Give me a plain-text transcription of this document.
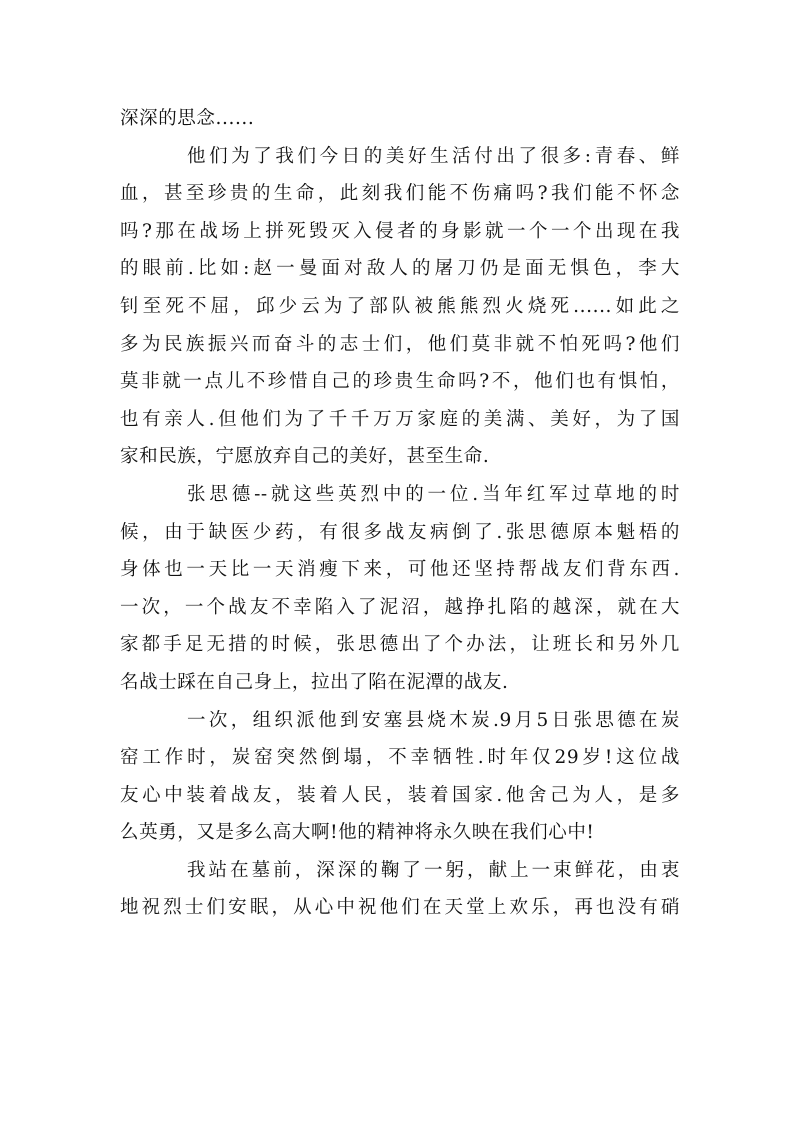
深深的思念......
他们为了我们今日的美好生活付出了很多:青春、鲜
血，甚至珍贵的生命，此刻我们能不伤痛吗?我们能不怀念
吗?那在战场上拼死毁灭入侵者的身影就一个一个出现在我
的眼前.比如:赵一曼面对敌人的屠刀仍是面无惧色，李大
钊至死不屈，邱少云为了部队被熊熊烈火烧死......如此之
多为民族振兴而奋斗的志士们，他们莫非就不怕死吗?他们
莫非就一点儿不珍惜自己的珍贵生命吗?不，他们也有惧怕，
也有亲人.但他们为了千千万万家庭的美满、美好，为了国
家和民族，宁愿放弃自己的美好，甚至生命.
张思德--就这些英烈中的一位.当年红军过草地的时
候，由于缺医少药，有很多战友病倒了.张思德原本魁梧的
身体也一天比一天消瘦下来，可他还坚持帮战友们背东西.
一次，一个战友不幸陷入了泥沼，越挣扎陷的越深，就在大
家都手足无措的时候，张思德出了个办法，让班长和另外几
名战士踩在自己身上，拉出了陷在泥潭的战友.
一次，组织派他到安塞县烧木炭.9月5日张思德在炭
窑工作时，炭窑突然倒塌，不幸牺牲.时年仅29岁!这位战
友心中装着战友，装着人民，装着国家.他舍己为人，是多
么英勇，又是多么高大啊!他的精神将永久映在我们心中!
我站在墓前，深深的鞠了一躬，献上一束鲜花，由衷
地祝烈士们安眠，从心中祝他们在天堂上欢乐，再也没有硝
